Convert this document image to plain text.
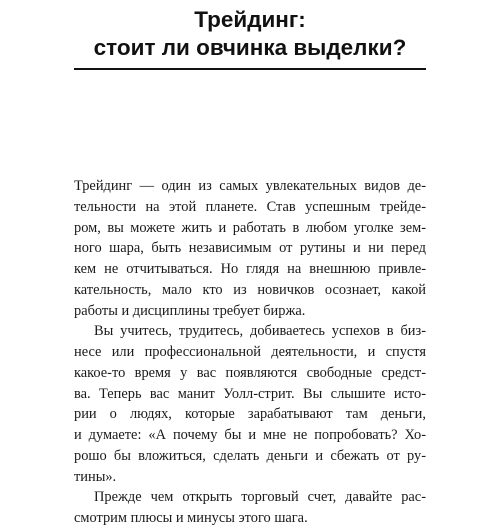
Трейдинг:
стоит ли овчинка выделки?
Трейдинг — один из самых увлекательных видов де-
тельности на этой планете. Став успешным трейде-
ром, вы можете жить и работать в любом уголке зем-
ного шара, быть независимым от рутины и ни перед
кем не отчитываться. Но глядя на внешнюю привле-
кательность, мало кто из новичков осознает, какой
работы и дисциплины требует биржа.
Вы учитесь, трудитесь, добиваетесь успехов в биз-
несе или профессиональной деятельности, и спустя
какое-то время у вас появляются свободные средст-
ва. Теперь вас манит Уолл-стрит. Вы слышите исто-
рии о людях, которые зарабатывают там деньги,
и думаете: «А почему бы и мне не попробовать? Хо-
рошо бы вложиться, сделать деньги и сбежать от ру-
тины».
Прежде чем открыть торговый счет, давайте рас-
смотрим плюсы и минусы этого шага.
